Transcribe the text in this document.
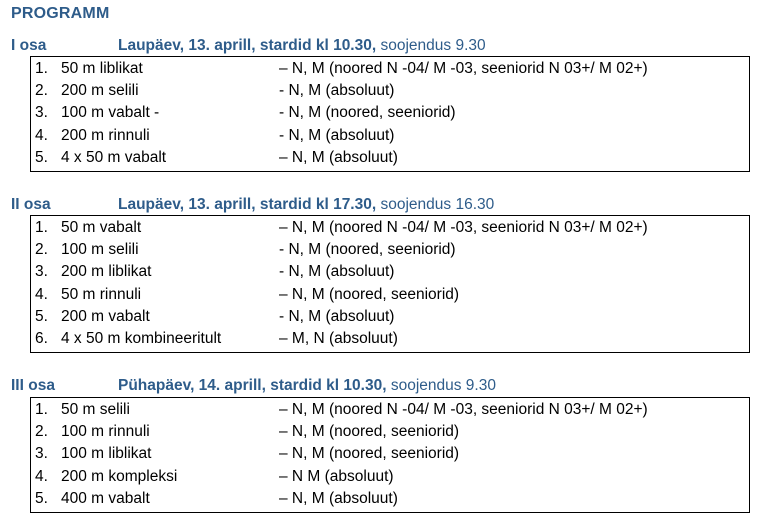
PROGRAMM
I osa	Laupäev, 13. aprill, stardid kl 10.30, soojendus 9.30
1. 50 m liblikat	– N, M (noored N -04/ M -03, seeniorid N 03+/ M 02+)
2. 200 m selili	- N, M (absoluut)
3. 100 m vabalt -	- N, M (noored, seeniorid)
4. 200 m rinnuli	- N, M (absoluut)
5. 4 x 50 m vabalt	– N, M (absoluut)
II osa	Laupäev, 13. aprill, stardid kl 17.30, soojendus 16.30
1. 50 m vabalt	– N, M (noored N -04/ M -03, seeniorid N 03+/ M 02+)
2. 100 m selili	- N, M (noored, seeniorid)
3. 200 m liblikat	- N, M (absoluut)
4. 50 m rinnuli	– N, M (noored, seeniorid)
5. 200 m vabalt	- N, M (absoluut)
6. 4 x 50 m kombineeritult	– M, N (absoluut)
III osa	Pühapäev, 14. aprill, stardid kl 10.30, soojendus 9.30
1. 50 m selili	– N, M (noored N -04/ M -03, seeniorid N 03+/ M 02+)
2. 100 m rinnuli	– N, M (noored, seeniorid)
3. 100 m liblikat	– N, M (noored, seeniorid)
4. 200 m kompleksi	– N M (absoluut)
5. 400 m vabalt	– N, M (absoluut)
